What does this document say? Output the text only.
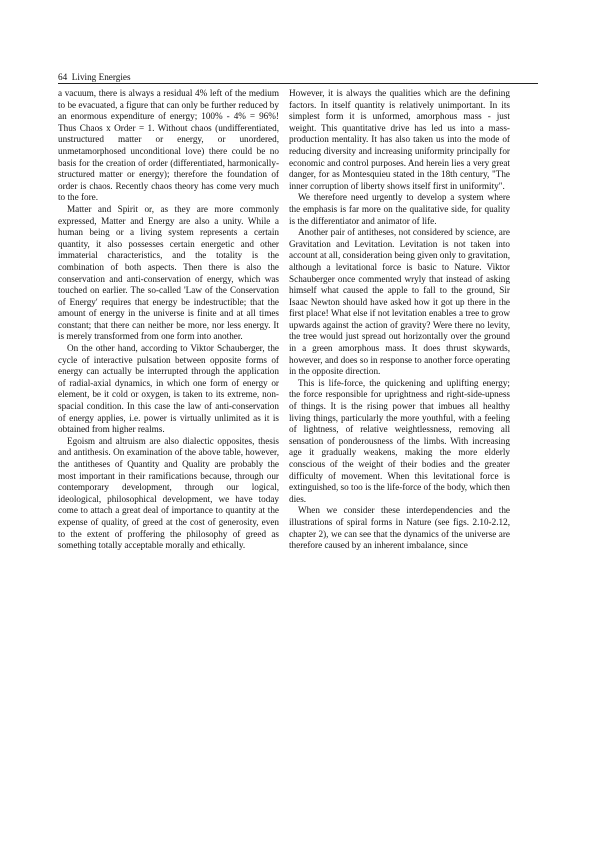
64 Living Energies

a vacuum, there is always a residual 4% left of the medium to be evacuated, a figure that can only be further reduced by an enormous expenditure of energy; 100% - 4% = 96%! Thus Chaos x Order = 1. Without chaos (undifferentiated, unstructured matter or energy, or unordered, unmetamorphosed unconditional love) there could be no basis for the creation of order (differentiated, harmonically-structured matter or energy); therefore the foundation of order is chaos. Recently chaos theory has come very much to the fore.

Matter and Spirit or, as they are more commonly expressed, Matter and Energy are also a unity. While a human being or a living system represents a certain quantity, it also possesses certain energetic and other immaterial characteristics, and the totality is the combination of both aspects. Then there is also the conservation and anti-conservation of energy, which was touched on earlier. The so-called 'Law of the Conservation of Energy' requires that energy be indestructible; that the amount of energy in the universe is finite and at all times constant; that there can neither be more, nor less energy. It is merely transformed from one form into another.

On the other hand, according to Viktor Schauberger, the cycle of interactive pulsation between opposite forms of energy can actually be interrupted through the application of radial-axial dynamics, in which one form of energy or element, be it cold or oxygen, is taken to its extreme, non-spacial condition. In this case the law of anti-conservation of energy applies, i.e. power is virtually unlimited as it is obtained from higher realms.

Egoism and altruism are also dialectic opposites, thesis and antithesis. On examination of the above table, however, the antitheses of Quantity and Quality are probably the most important in their ramifications because, through our contemporary development, through our logical, ideological, philosophical development, we have today come to attach a great deal of importance to quantity at the expense of quality, of greed at the cost of generosity, even to the extent of proffering the philosophy of greed as something totally acceptable morally and ethically.

However, it is always the qualities which are the defining factors. In itself quantity is relatively unimportant. In its simplest form it is unformed, amorphous mass - just weight. This quantitative drive has led us into a mass-production mentality. It has also taken us into the mode of reducing diversity and increasing uniformity principally for economic and control purposes. And herein lies a very great danger, for as Montesquieu stated in the 18th century, "The inner corruption of liberty shows itself first in uniformity".

We therefore need urgently to develop a system where the emphasis is far more on the qualitative side, for quality is the differentiator and animator of life.

Another pair of antitheses, not considered by science, are Gravitation and Levitation. Levitation is not taken into account at all, consideration being given only to gravitation, although a levitational force is basic to Nature. Viktor Schauberger once commented wryly that instead of asking himself what caused the apple to fall to the ground, Sir Isaac Newton should have asked how it got up there in the first place! What else if not levitation enables a tree to grow upwards against the action of gravity? Were there no levity, the tree would just spread out horizontally over the ground in a green amorphous mass. It does thrust skywards, however, and does so in response to another force operating in the opposite direction.

This is life-force, the quickening and uplifting energy; the force responsible for uprightness and right-side-upness of things. It is the rising power that imbues all healthy living things, particularly the more youthful, with a feeling of lightness, of relative weightlessness, removing all sensation of ponderousness of the limbs. With increasing age it gradually weakens, making the more elderly conscious of the weight of their bodies and the greater difficulty of movement. When this levitational force is extinguished, so too is the life-force of the body, which then dies.

When we consider these interdependencies and the illustrations of spiral forms in Nature (see figs. 2.10-2.12, chapter 2), we can see that the dynamics of the universe are therefore caused by an inherent imbalance, since
